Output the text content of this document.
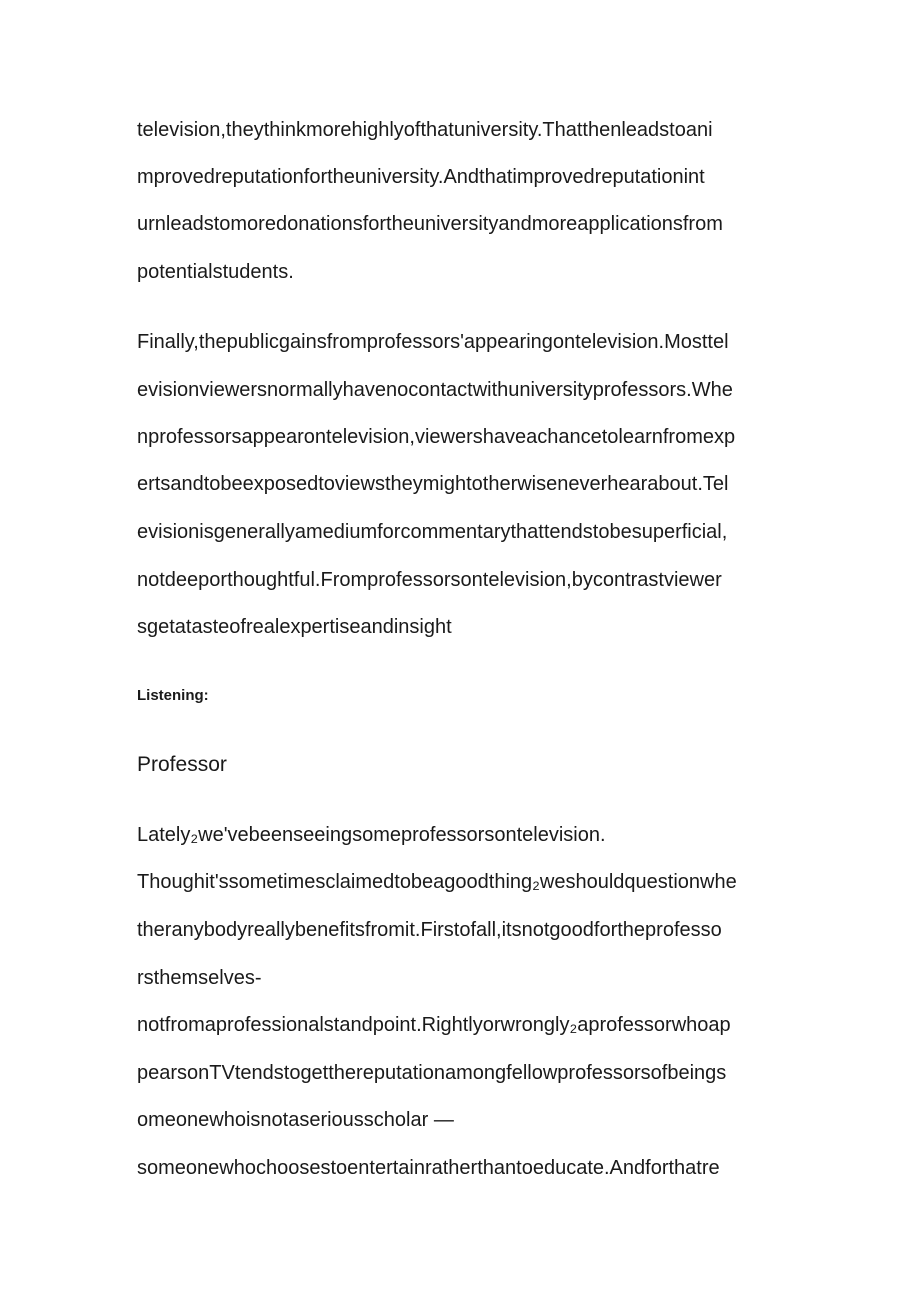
television,theythinkmorehighlyofthatuniversity.Thatthenleadstoani
mprovedreputationfortheuniversity.Andthatimprovedreputationint
urnleadstomoredonationsfortheuniversityandmoreapplicationsfrom
potentialstudents.
Finally,thepublicgainsfromprofessors'appearingontelevision.Mosttel
evisionviewersnormallyhavenocontactwithuniversityprofessors.Whe
nprofessorsappearontelevision,viewershaveachancetolearnfromexp
ertsandtobeexposedtoviewstheymightotherwiseneverhearabout.Tel
evisionisgenerallyamediumforcommentarythattendstobesuperficial,
notdeeporthoughtful.Fromprofessorsontelevision,bycontrastviewer
sgetatasteofrealexpertiseandinsight
Listening:
Professor
Lately₂we'vebeenseeingsomeprofessorsontelevision.
Thoughit'ssometimesclaimedtobeagoodthing₂weshouldquestionwhe
theranybodyreallybenefitsfromit.Firstofall,itsnotgoodfortheprofesso
rsthemselves-
notfromaprofessionalstandpoint.Rightlyorwrongly₂aprofessorwhoap
pearsonTVtendstogetthereputationamongfellowprofessorsofbeings
omeonewhoisnotaseriousscholar —
someonewhochoosestoentertainratherthantoeducate.Andforthatre
